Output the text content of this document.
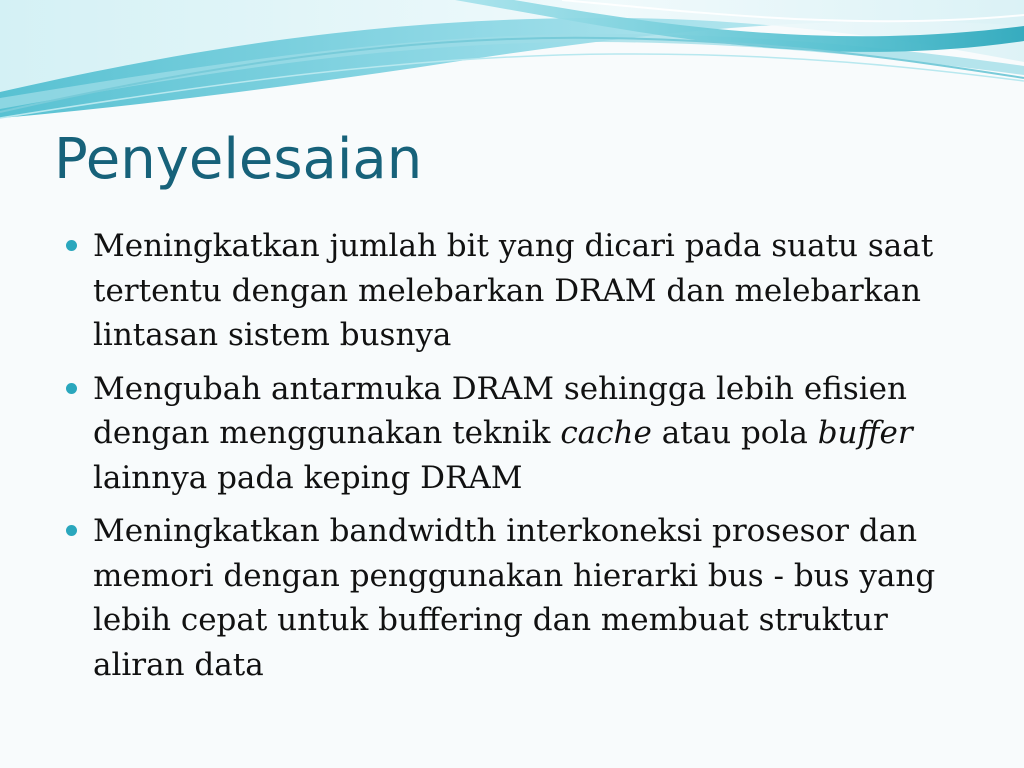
Penyelesaian
Meningkatkan jumlah bit yang dicari pada suatu saat tertentu dengan melebarkan DRAM dan melebarkan lintasan sistem busnya
Mengubah antarmuka DRAM sehingga lebih efisien dengan menggunakan teknik cache atau pola buffer lainnya pada keping DRAM
Meningkatkan bandwidth interkoneksi prosesor dan memori dengan penggunakan hierarki bus - bus yang lebih cepat untuk buffering dan membuat struktur aliran data
